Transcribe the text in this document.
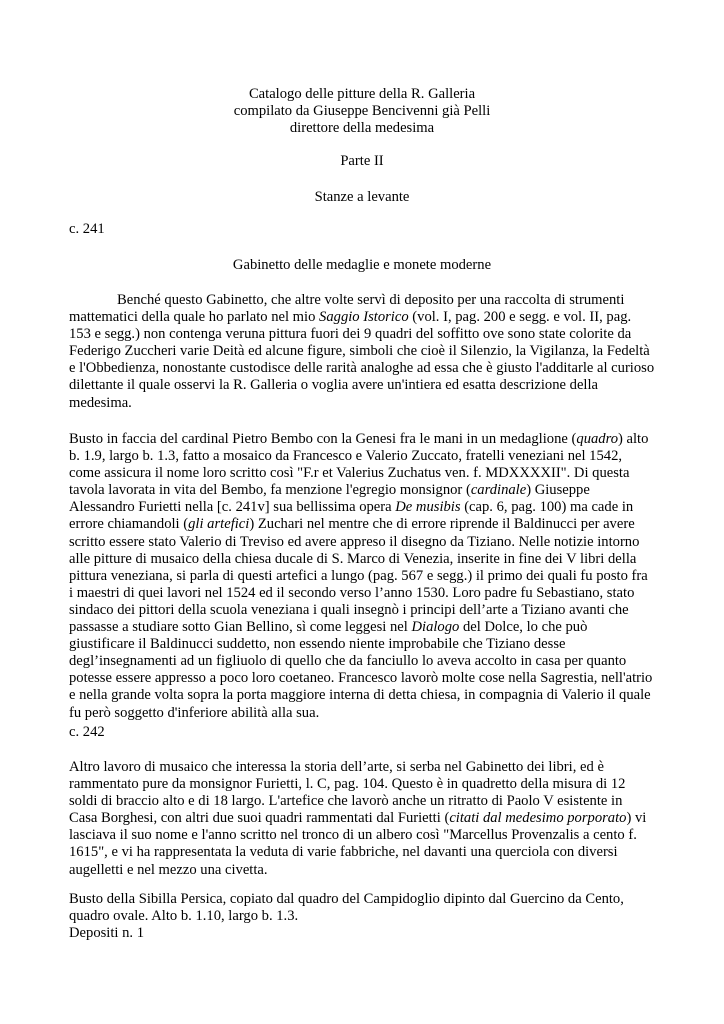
Catalogo delle pitture della R. Galleria
compilato da Giuseppe Bencivenni già Pelli
direttore della medesima
Parte II
Stanze a levante
c. 241
Gabinetto delle medaglie e monete moderne
Benché questo Gabinetto, che altre volte servì di deposito per una raccolta di strumenti
mattematici della quale ho parlato nel mio Saggio Istorico (vol. I, pag. 200 e segg. e vol. II, pag.
153 e segg.) non contenga veruna pittura fuori dei 9 quadri del soffitto ove sono state colorite da
Federigo Zuccheri varie Deità ed alcune figure, simboli che cioè il Silenzio, la Vigilanza, la Fedeltà
e l'Obbedienza, nonostante custodisce delle rarità analoghe ad essa che è giusto l'additarle al curioso
dilettante il quale osservi la R. Galleria o voglia avere un'intiera ed esatta descrizione della
medesima.
Busto in faccia del cardinal Pietro Bembo con la Genesi fra le mani in un medaglione (quadro) alto
b. 1.9, largo b. 1.3, fatto a mosaico da Francesco e Valerio Zuccato, fratelli veneziani nel 1542,
come assicura il nome loro scritto così "F.r et Valerius Zuchatus ven. f. MDXXXXII". Di questa
tavola lavorata in vita del Bembo, fa menzione l'egregio monsignor (cardinale) Giuseppe
Alessandro Furietti nella [c. 241v] sua bellissima opera De musibis (cap. 6, pag. 100) ma cade in
errore chiamandoli (gli artefici) Zuchari nel mentre che di errore riprende il Baldinucci per avere
scritto essere stato Valerio di Treviso ed avere appreso il disegno da Tiziano. Nelle notizie intorno
alle pitture di musaico della chiesa ducale di S. Marco di Venezia, inserite in fine dei V libri della
pittura veneziana, si parla di questi artefici a lungo (pag. 567 e segg.) il primo dei quali fu posto fra
i maestri di quei lavori nel 1524 ed il secondo verso l’anno 1530. Loro padre fu Sebastiano, stato
sindaco dei pittori della scuola veneziana i quali insegnò i principi dell’arte a Tiziano avanti che
passasse a studiare sotto Gian Bellino, sì come leggesi nel Dialogo del Dolce, lo che può
giustificare il Baldinucci suddetto, non essendo niente improbabile che Tiziano desse
degl’insegnamenti ad un figliuolo di quello che da fanciullo lo aveva accolto in casa per quanto
potesse essere appresso a poco loro coetaneo. Francesco lavorò molte cose nella Sagrestia, nell'atrio
e nella grande volta sopra la porta maggiore interna di detta chiesa, in compagnia di Valerio il quale
fu però soggetto d'inferiore abilità alla sua.
c. 242
Altro lavoro di musaico che interessa la storia dell’arte, si serba nel Gabinetto dei libri, ed è
rammentato pure da monsignor Furietti, l. C, pag. 104. Questo è in quadretto della misura di 12
soldi di braccio alto e di 18 largo. L'artefice che lavorò anche un ritratto di Paolo V esistente in
Casa Borghesi, con altri due suoi quadri rammentati dal Furietti (citati dal medesimo porporato) vi
lasciava il suo nome e l'anno scritto nel tronco di un albero così "Marcellus Provenzalis a cento f.
1615", e vi ha rappresentata la veduta di varie fabbriche, nel davanti una querciola con diversi
augelletti e nel mezzo una civetta.
Busto della Sibilla Persica, copiato dal quadro del Campidoglio dipinto dal Guercino da Cento,
quadro ovale. Alto b. 1.10, largo b. 1.3.
Depositi n. 1
